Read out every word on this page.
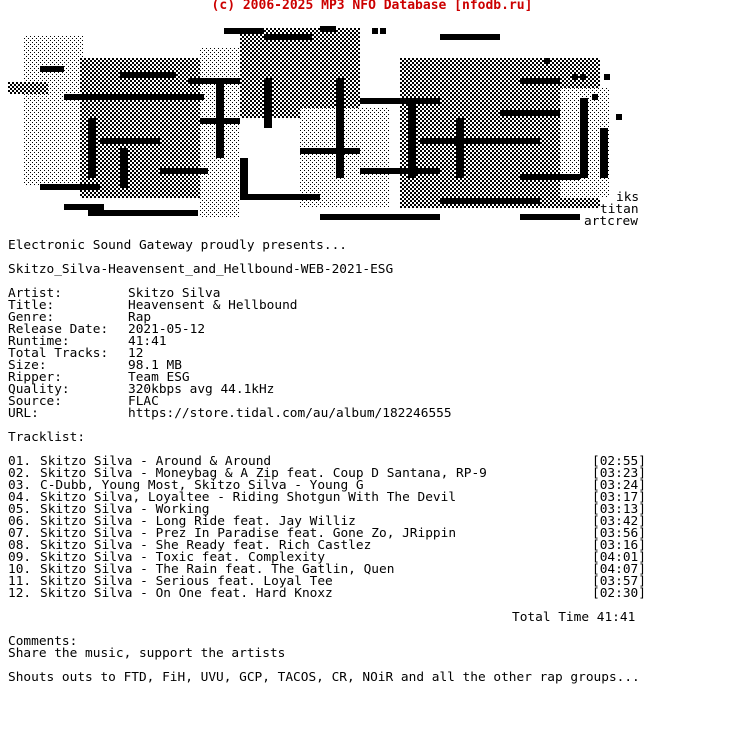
(c) 2006-2025 MP3 NFO Database [nfodb.ru]
iks
titan
artcrew
Electronic Sound Gateway proudly presents...
Skitzo_Silva-Heavensent_and_Hellbound-WEB-2021-ESG
Artist:	Skitzo Silva
Title:	Heavensent & Hellbound
Genre:	Rap
Release Date: 2021-05-12
Runtime:	41:41
Total Tracks: 12
Size:	98.1 MB
Ripper:	Team ESG
Quality:	320kbps avg 44.1kHz
Source:	FLAC
URL:	https://store.tidal.com/au/album/182246555
Tracklist:
01. Skitzo Silva - Around & Around	[02:55]
02. Skitzo Silva - Moneybag & A Zip feat. Coup D Santana, RP-9	[03:23]
03. C-Dubb, Young Most, Skitzo Silva - Young G	[03:24]
04. Skitzo Silva, Loyaltee - Riding Shotgun With The Devil	[03:17]
05. Skitzo Silva - Working	[03:13]
06. Skitzo Silva - Long Ride feat. Jay Williz	[03:42]
07. Skitzo Silva - Prez In Paradise feat. Gone Zo, JRippin	[03:56]
08. Skitzo Silva - She Ready feat. Rich Castlez	[03:16]
09. Skitzo Silva - Toxic feat. Complexity	[04:01]
10. Skitzo Silva - The Rain feat. The Gatlin, Quen	[04:07]
11. Skitzo Silva - Serious feat. Loyal Tee	[03:57]
12. Skitzo Silva - On One feat. Hard Knoxz	[02:30]
Total Time 41:41
Comments:
Share the music, support the artists
Shouts outs to FTD, FiH, UVU, GCP, TACOS, CR, NOiR and all the other rap groups...
